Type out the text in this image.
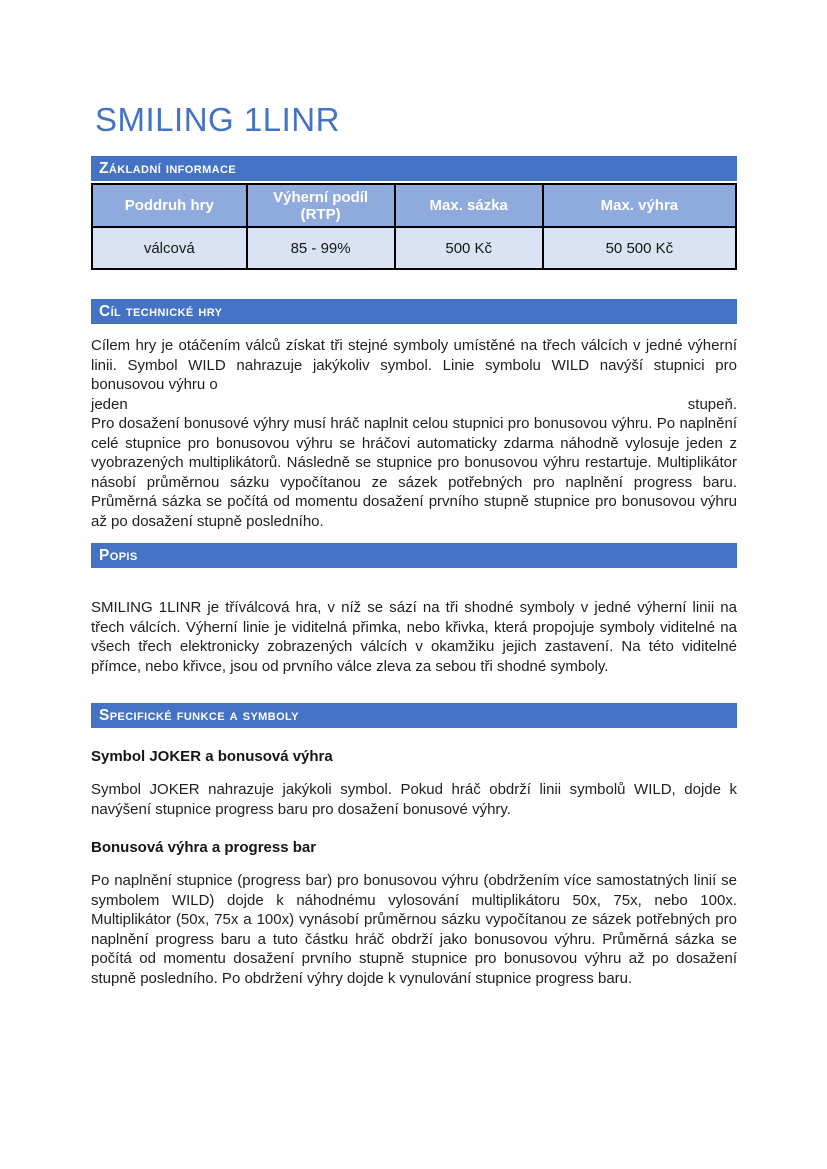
SMILING 1LINR
Základní informace
Poddruh hry	Výherní podíl (RTP)	Max. sázka	Max. výhra
válcová	85 - 99%	500 Kč	50 500 Kč
Cíl technické hry

Cílem hry je otáčením válců získat tři stejné symboly umístěné na třech válcích v jedné výherní linii. Symbol WILD nahrazuje jakýkoliv symbol. Linie symbolu WILD navýší stupnici pro bonusovou výhru o

jeden	stupeň.

Pro dosažení bonusové výhry musí hráč naplnit celou stupnici pro bonusovou výhru. Po naplnění celé stupnice pro bonusovou výhru se hráčovi automaticky zdarma náhodně vylosuje jeden z vyobrazených multiplikátorů. Následně se stupnice pro bonusovou výhru restartuje. Multiplikátor násobí průměrnou sázku vypočítanou ze sázek potřebných pro naplnění progress baru. Průměrná sázka se počítá od momentu dosažení prvního stupně stupnice pro bonusovou výhru až po dosažení stupně posledního.

Popis

SMILING 1LINR je tříválcová hra, v níž se sází na tři shodné symboly v jedné výherní linii na třech válcích. Výherní linie je viditelná přimka, nebo křivka, která propojuje symboly viditelné na všech třech elektronicky zobrazených válcích v okamžiku jejich zastavení. Na této viditelné přímce, nebo křivce, jsou od prvního válce zleva za sebou tři shodné symboly.

Specifické funkce a symboly
Symbol JOKER a bonusová výhra

Symbol JOKER nahrazuje jakýkoli symbol. Pokud hráč obdrží linii symbolů WILD, dojde k navýšení stupnice progress baru pro dosažení bonusové výhry.

Bonusová výhra a progress bar

Po naplnění stupnice (progress bar) pro bonusovou výhru (obdržením více samostatných linií se symbolem WILD) dojde k náhodnému vylosování multiplikátoru 50x, 75x, nebo 100x. Multiplikátor (50x, 75x a 100x) vynásobí průměrnou sázku vypočítanou ze sázek potřebných pro naplnění progress baru a tuto částku hráč obdrží jako bonusovou výhru. Průměrná sázka se počítá od momentu dosažení prvního stupně stupnice pro bonusovou výhru až po dosažení stupně posledního. Po obdržení výhry dojde k vynulování stupnice progress baru.
